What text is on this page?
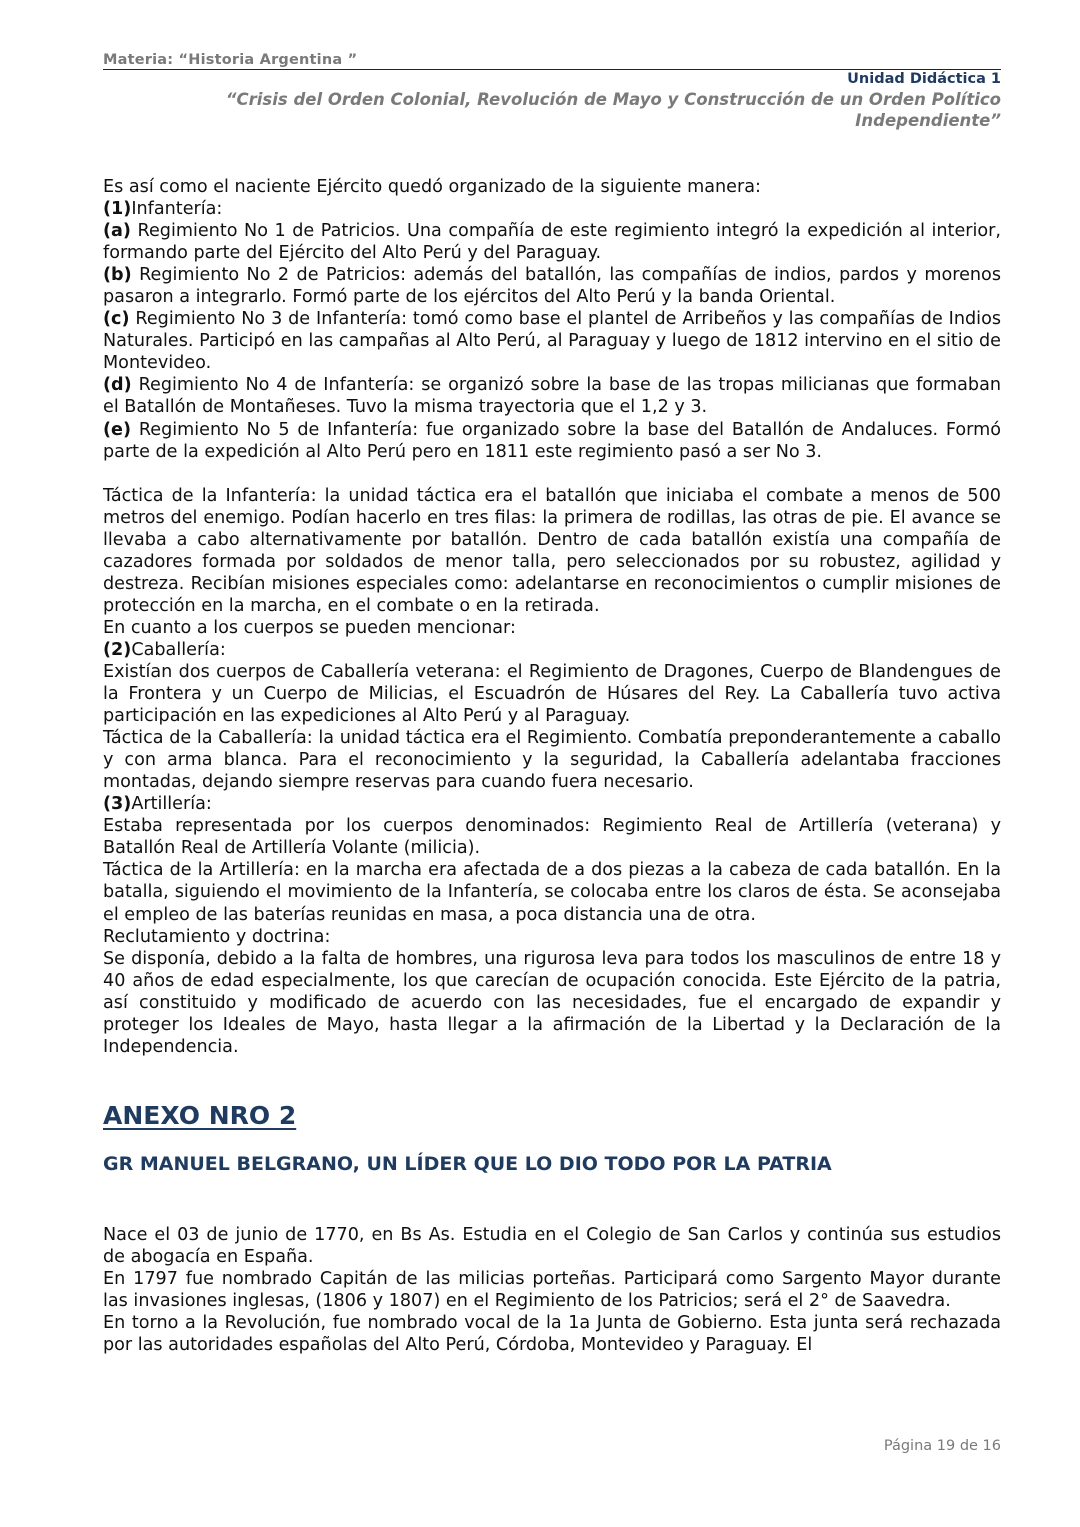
Materia: “Historia Argentina ”
Unidad Didáctica 1
“Crisis del Orden Colonial, Revolución de Mayo y Construcción de un Orden Político
Independiente”

Es así como el naciente Ejército quedó organizado de la siguiente manera:

(1)Infantería:

(a) Regimiento No 1 de Patricios. Una compañía de este regimiento integró la expedición al interior, formando parte del Ejército del Alto Perú y del Paraguay.

(b) Regimiento No 2 de Patricios: además del batallón, las compañías de indios, pardos y morenos pasaron a integrarlo. Formó parte de los ejércitos del Alto Perú y la banda Oriental.

(c) Regimiento No 3 de Infantería: tomó como base el plantel de Arribeños y las compañías de Indios Naturales. Participó en las campañas al Alto Perú, al Paraguay y luego de 1812 intervino en el sitio de Montevideo.

(d) Regimiento No 4 de Infantería: se organizó sobre la base de las tropas milicianas que formaban el Batallón de Montañeses. Tuvo la misma trayectoria que el 1,2 y 3.

(e) Regimiento No 5 de Infantería: fue organizado sobre la base del Batallón de Andaluces. Formó parte de la expedición al Alto Perú pero en 1811 este regimiento pasó a ser No 3.

Táctica de la Infantería: la unidad táctica era el batallón que iniciaba el combate a menos de 500 metros del enemigo. Podían hacerlo en tres filas: la primera de rodillas, las otras de pie. El avance se llevaba a cabo alternativamente por batallón. Dentro de cada batallón existía una compañía de cazadores formada por soldados de menor talla, pero seleccionados por su robustez, agilidad y destreza. Recibían misiones especiales como: adelantarse en reconocimientos o cumplir misiones de protección en la marcha, en el combate o en la retirada.

En cuanto a los cuerpos se pueden mencionar:

(2)Caballería:

Existían dos cuerpos de Caballería veterana: el Regimiento de Dragones, Cuerpo de Blandengues de la Frontera y un Cuerpo de Milicias, el Escuadrón de Húsares del Rey. La Caballería tuvo activa participación en las expediciones al Alto Perú y al Paraguay.

Táctica de la Caballería: la unidad táctica era el Regimiento. Combatía preponderantemente a caballo y con arma blanca. Para el reconocimiento y la seguridad, la Caballería adelantaba fracciones montadas, dejando siempre reservas para cuando fuera necesario.

(3)Artillería:

Estaba representada por los cuerpos denominados: Regimiento Real de Artillería (veterana) y Batallón Real de Artillería Volante (milicia).

Táctica de la Artillería: en la marcha era afectada de a dos piezas a la cabeza de cada batallón. En la batalla, siguiendo el movimiento de la Infantería, se colocaba entre los claros de ésta. Se aconsejaba el empleo de las baterías reunidas en masa, a poca distancia una de otra.

Reclutamiento y doctrina:

Se disponía, debido a la falta de hombres, una rigurosa leva para todos los masculinos de entre 18 y 40 años de edad especialmente, los que carecían de ocupación conocida. Este Ejército de la patria, así constituido y modificado de acuerdo con las necesidades, fue el encargado de expandir y proteger los Ideales de Mayo, hasta llegar a la afirmación de la Libertad y la Declaración de la Independencia.

ANEXO NRO 2
GR MANUEL BELGRANO, UN LÍDER QUE LO DIO TODO POR LA PATRIA

Nace el 03 de junio de 1770, en Bs As. Estudia en el Colegio de San Carlos y continúa sus estudios de abogacía en España.

En 1797 fue nombrado Capitán de las milicias porteñas. Participará como Sargento Mayor durante las invasiones inglesas, (1806 y 1807) en el Regimiento de los Patricios; será el 2° de Saavedra.

En torno a la Revolución, fue nombrado vocal de la 1a Junta de Gobierno. Esta junta será rechazada por las autoridades españolas del Alto Perú, Córdoba, Montevideo y Paraguay. El

Página 19 de 16
